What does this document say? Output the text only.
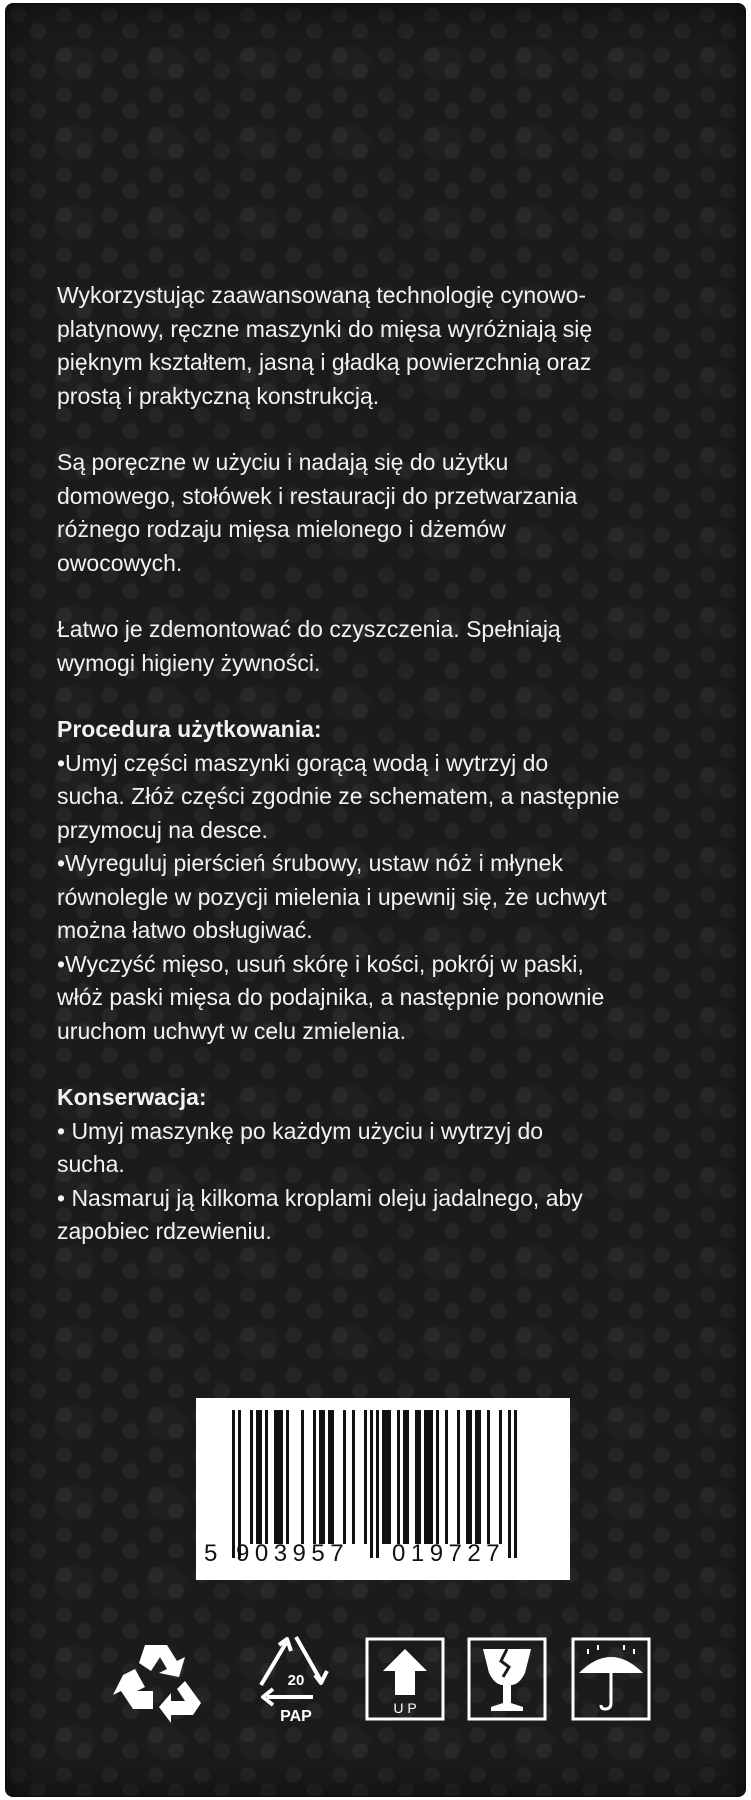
Wykorzystując zaawansowaną technologię cynowo-
platynowy, ręczne maszynki do mięsa wyróżniają się
pięknym kształtem, jasną i gładką powierzchnią oraz
prostą i praktyczną konstrukcją.

Są poręczne w użyciu i nadają się do użytku
domowego, stołówek i restauracji do przetwarzania
różnego rodzaju mięsa mielonego i dżemów
owocowych.

Łatwo je zdemontować do czyszczenia. Spełniają
wymogi higieny żywności.

Procedura użytkowania:

•Umyj części maszynki gorącą wodą i wytrzyj do
sucha. Złóż części zgodnie ze schematem, a następnie
przymocuj na desce.

•Wyreguluj pierścień śrubowy, ustaw nóż i młynek
równolegle w pozycji mielenia i upewnij się, że uchwyt
można łatwo obsługiwać.

•Wyczyść mięso, usuń skórę i kości, pokrój w paski,
włóż paski mięsa do podajnika, a następnie ponownie
uruchom uchwyt w celu zmielenia.

Konserwacja:

• Umyj maszynkę po każdym użyciu i wytrzyj do
sucha.

• Nasmaruj ją kilkoma kroplami oleju jadalnego, aby
zapobiec rdzewieniu.

5 903957 019727
20
PAP	U P
